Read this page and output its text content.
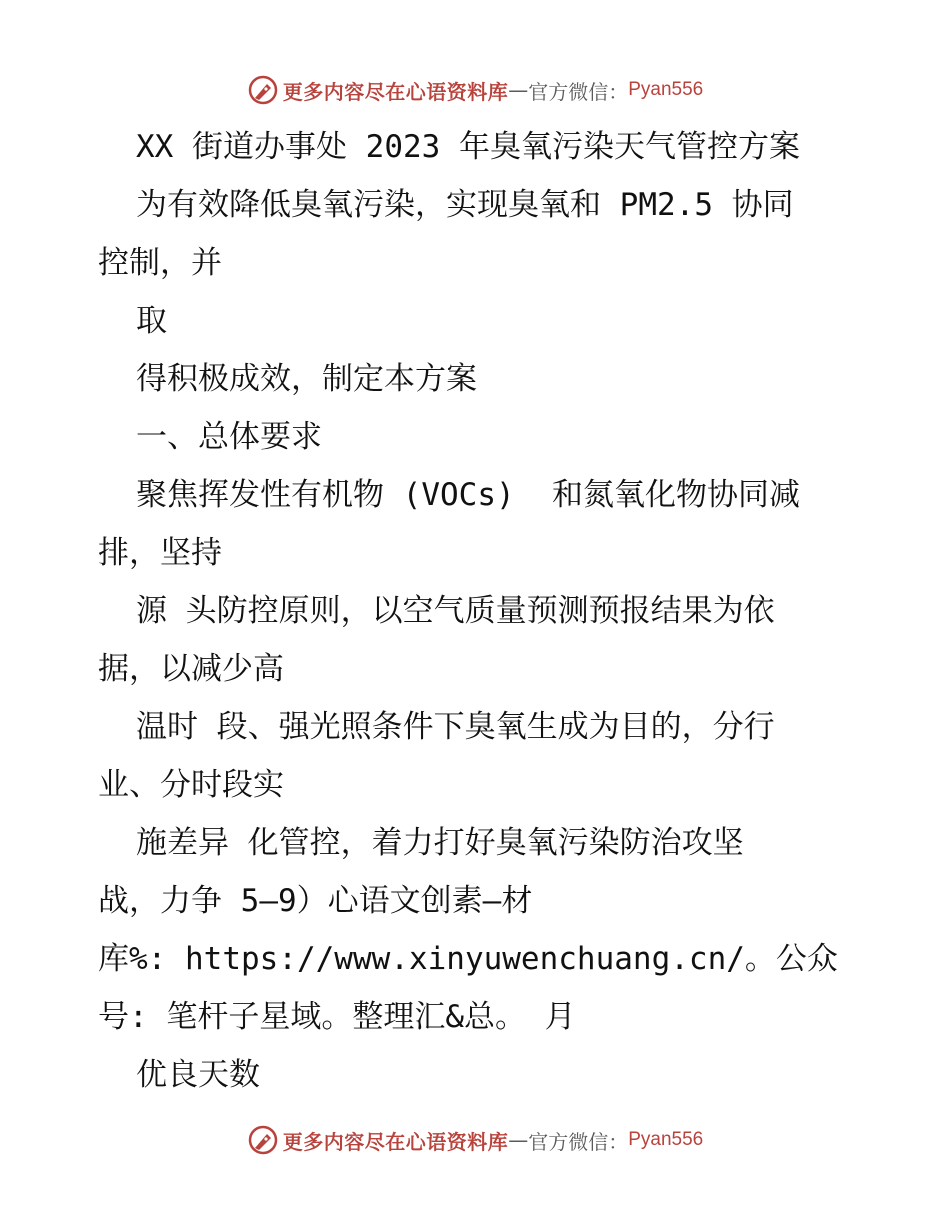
更多内容尽在心语资料库 — 官方微信： Pyan556
XX 街道办事处 2023 年臭氧污染天气管控方案
为有效降低臭氧污染，实现臭氧和 PM2.5 协同
控制，并
取
得积极成效，制定本方案
一、总体要求
聚焦挥发性有机物 (VOCs)  和氮氧化物协同减
排，坚持
源 头防控原则，以空气质量预测预报结果为依
据，以减少高
温时 段、强光照条件下臭氧生成为目的，分行
业、分时段实
施差异 化管控，着力打好臭氧污染防治攻坚
战，力争 5—9）心语文创素—材
库%: https://www.xinyuwenchuang.cn/。公众
号: 笔杆子星域。整理汇&总。 月
优良天数
更多内容尽在心语资料库 — 官方微信： Pyan556
